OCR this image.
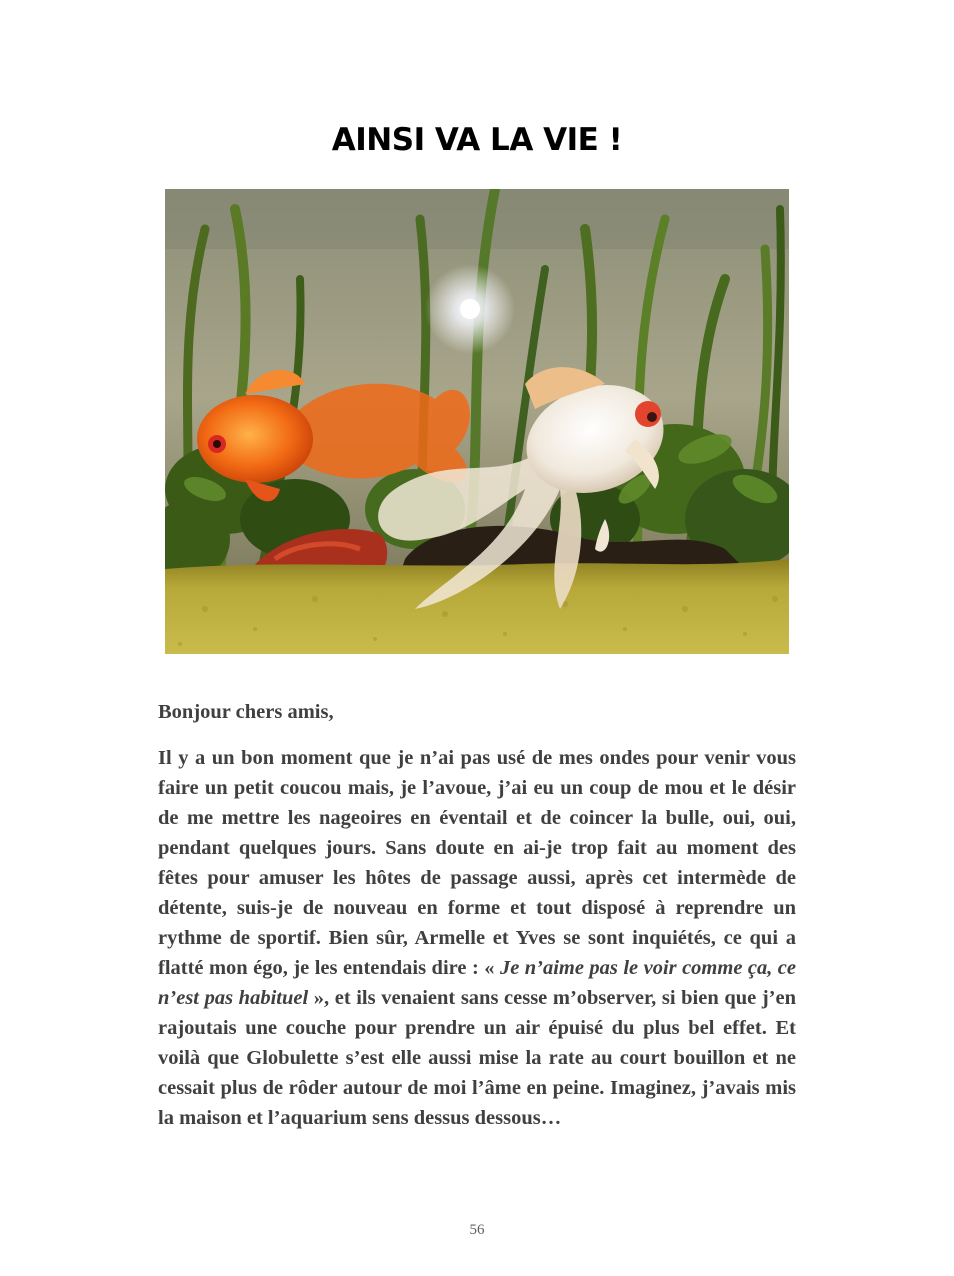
AINSI VA LA VIE !

Bonjour chers amis,

Il y a un bon moment que je n’ai pas usé de mes ondes pour venir vous faire un petit coucou mais, je l’avoue, j’ai eu un coup de mou et le désir de me mettre les nageoires en éventail et de coincer la bulle, oui, oui, pendant quelques jours. Sans doute en ai-je trop fait au moment des fêtes pour amuser les hôtes de passage aussi, après cet intermède de détente, suis-je de nouveau en forme et tout disposé à reprendre un rythme de sportif. Bien sûr, Armelle et Yves se sont inquiétés, ce qui a flatté mon égo, je les entendais dire : « Je n’aime pas le voir comme ça, ce n’est pas habituel », et ils venaient sans cesse m’observer, si bien que j’en rajoutais une couche pour prendre un air épuisé du plus bel effet. Et voilà que Globulette s’est elle aussi mise la rate au court bouillon et ne cessait plus de rôder autour de moi l’âme en peine. Imaginez, j’avais mis la maison et l’aquarium sens dessus dessous…

56
